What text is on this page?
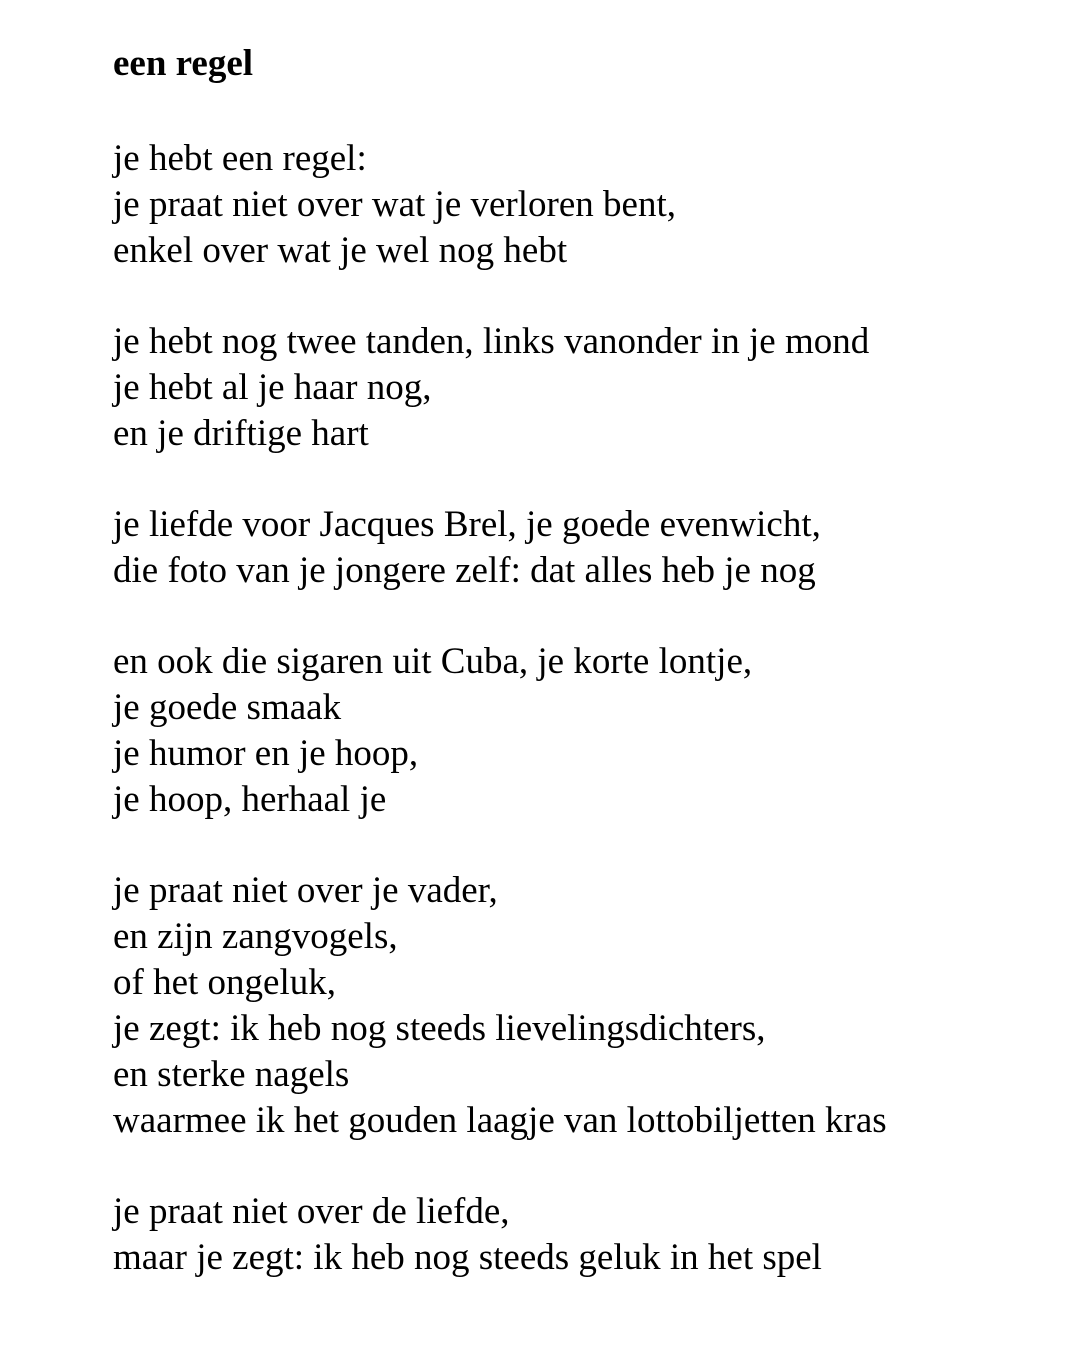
een regel
je hebt een regel:
je praat niet over wat je verloren bent,
enkel over wat je wel nog hebt
je hebt nog twee tanden, links vanonder in je mond
je hebt al je haar nog,
en je driftige hart
je liefde voor Jacques Brel, je goede evenwicht,
die foto van je jongere zelf: dat alles heb je nog
en ook die sigaren uit Cuba, je korte lontje,
je goede smaak
je humor en je hoop,
je hoop, herhaal je
je praat niet over je vader,
en zijn zangvogels,
of het ongeluk,
je zegt: ik heb nog steeds lievelingsdichters,
en sterke nagels
waarmee ik het gouden laagje van lottobiljetten kras
je praat niet over de liefde,
maar je zegt: ik heb nog steeds geluk in het spel
